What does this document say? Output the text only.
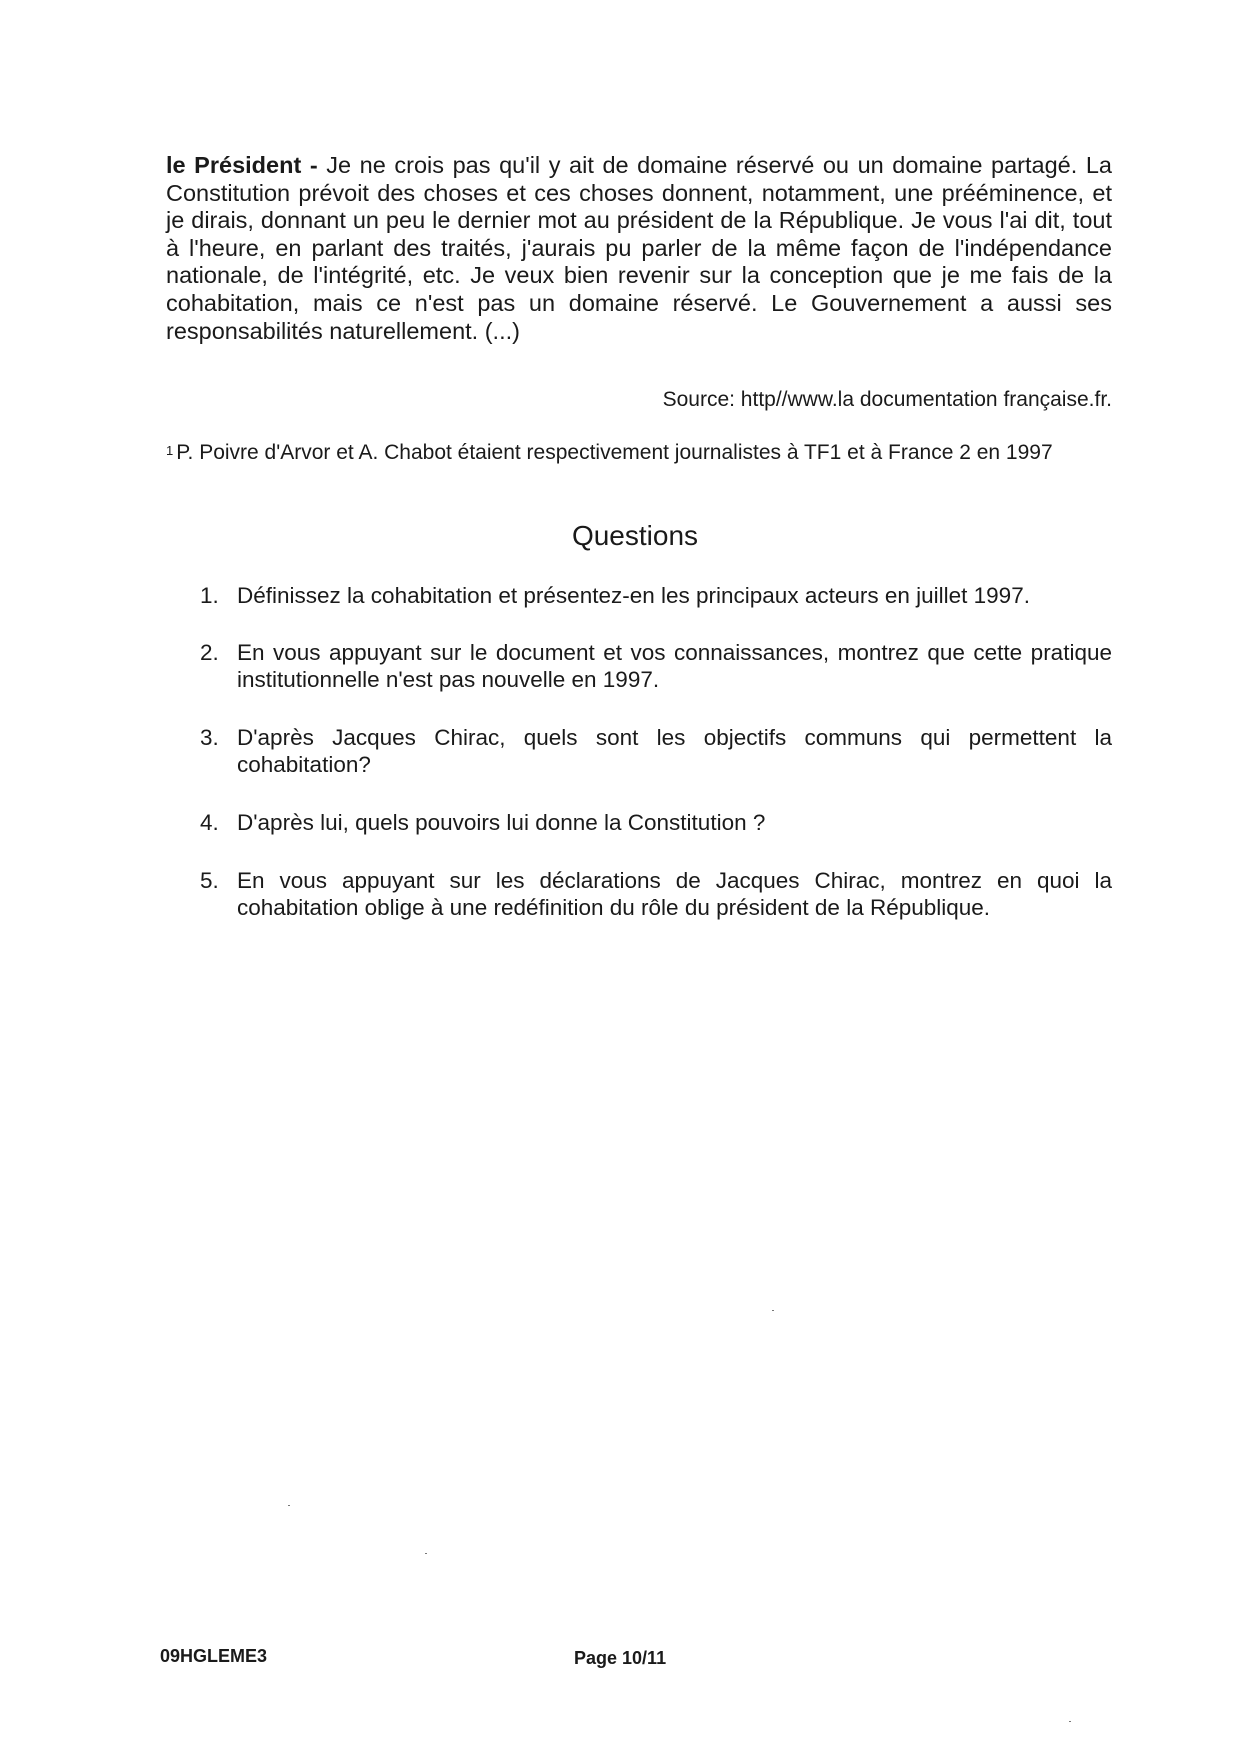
le Président - Je ne crois pas qu'il y ait de domaine réservé ou un domaine partagé. La Constitution prévoit des choses et ces choses donnent, notamment, une prééminence, et je dirais, donnant un peu le dernier mot au président de la République. Je vous l'ai dit, tout à l'heure, en parlant des traités, j'aurais pu parler de la même façon de l'indépendance nationale, de l'intégrité, etc. Je veux bien revenir sur la conception que je me fais de la cohabitation, mais ce n'est pas un domaine réservé. Le Gouvernement a aussi ses responsabilités naturellement. (...)

Source: http//www.la documentation française.fr.

$^1$ P. Poivre d'Arvor et A. Chabot étaient respectivement journalistes à TF1 et à France 2 en 1997

Questions
1. Définissez la cohabitation et présentez-en les principaux acteurs en juillet 1997.
2. En vous appuyant sur le document et vos connaissances, montrez que cette pratique institutionnelle n'est pas nouvelle en 1997.
3. D'après Jacques Chirac, quels sont les objectifs communs qui permettent la cohabitation?
4. D'après lui, quels pouvoirs lui donne la Constitution ?
5. En vous appuyant sur les déclarations de Jacques Chirac, montrez en quoi la cohabitation oblige à une redéfinition du rôle du président de la République.

09HGLEME3	Page 10/11
